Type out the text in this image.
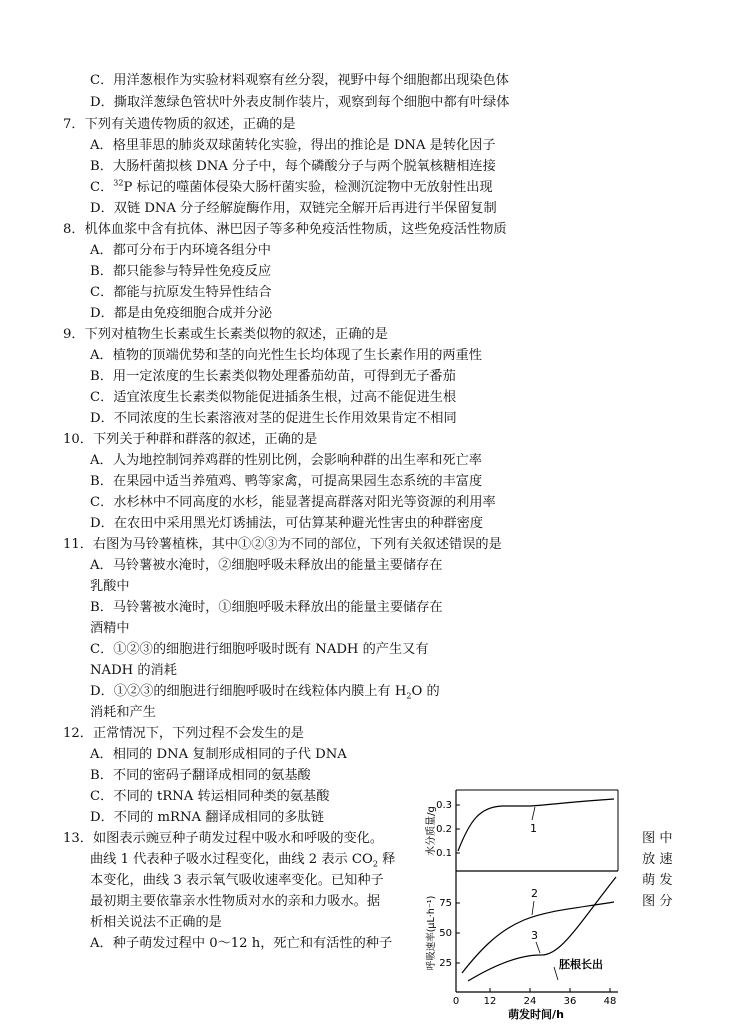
C．用洋葱根作为实验材料观察有丝分裂，视野中每个细胞都出现染色体
D．撕取洋葱绿色管状叶外表皮制作装片，观察到每个细胞中都有叶绿体
7．下列有关遗传物质的叙述，正确的是
A．格里菲思的肺炎双球菌转化实验，得出的推论是 DNA 是转化因子
B．大肠杆菌拟核 DNA 分子中，每个磷酸分子与两个脱氧核糖相连接
D．双链 DNA 分子经解旋酶作用，双链完全解开后再进行半保留复制
8．机体血浆中含有抗体、淋巴因子等多种免疫活性物质，这些免疫活性物质
A．都可分布于内环境各组分中
B．都只能参与特异性免疫反应
C．都能与抗原发生特异性结合
D．都是由免疫细胞合成并分泌
9．下列对植物生长素或生长素类似物的叙述，正确的是
A．植物的顶端优势和茎的向光性生长均体现了生长素作用的两重性
B．用一定浓度的生长素类似物处理番茄幼苗，可得到无子番茄
C．适宜浓度生长素类似物能促进插条生根，过高不能促进生根
D．不同浓度的生长素溶液对茎的促进生长作用效果肯定不相同
10．下列关于种群和群落的叙述，正确的是
A．人为地控制饲养鸡群的性别比例，会影响种群的出生率和死亡率
B．在果园中适当养殖鸡、鸭等家禽，可提高果园生态系统的丰富度
C．水杉林中不同高度的水杉，能显著提高群落对阳光等资源的利用率
D．在农田中采用黑光灯诱捕法，可估算某种避光性害虫的种群密度
11．右图为马铃薯植株，其中①②③为不同的部位，下列有关叙述错误的是
A．马铃薯被水淹时，②细胞呼吸未释放出的能量主要储存在
乳酸中
B．马铃薯被水淹时，①细胞呼吸未释放出的能量主要储存在
酒精中
C．①②③的细胞进行细胞呼吸时既有 NADH 的产生又有
NADH 的消耗
消耗和产生
12．正常情况下，下列过程不会发生的是
A．相同的 DNA 复制形成相同的子代 DNA
B．不同的密码子翻译成相同的氨基酸
C．不同的 tRNA 转运相同种类的氨基酸
D．不同的 mRNA 翻译成相同的多肽链
13．如图表示豌豆种子萌发过程中吸水和呼吸的变化。
本变化，曲线 3 表示氧气吸收速率变化。已知种子
最初期主要依靠亲水性物质对水的亲和力吸水。据
析相关说法不正确的是
A．种子萌发过程中 0～12 h，死亡和有活性的种子
C．$^{32}$P 标记的噬菌体侵染大肠杆菌实验，检测沉淀物中无放射性出现
D．①②③的细胞进行细胞呼吸时在线粒体内膜上有 $H_2O$ 的
曲线 1 代表种子吸水过程变化，曲线 2 表示 $CO_2$ 释
图 中
放 速
萌 发
图 分
水分质量/g
0.3
0.2
0.1
1
呼吸速率(μL·h⁻¹) 75
50
25
2
3
胚根长出
0 12	24	36	48
萌发时间/h
